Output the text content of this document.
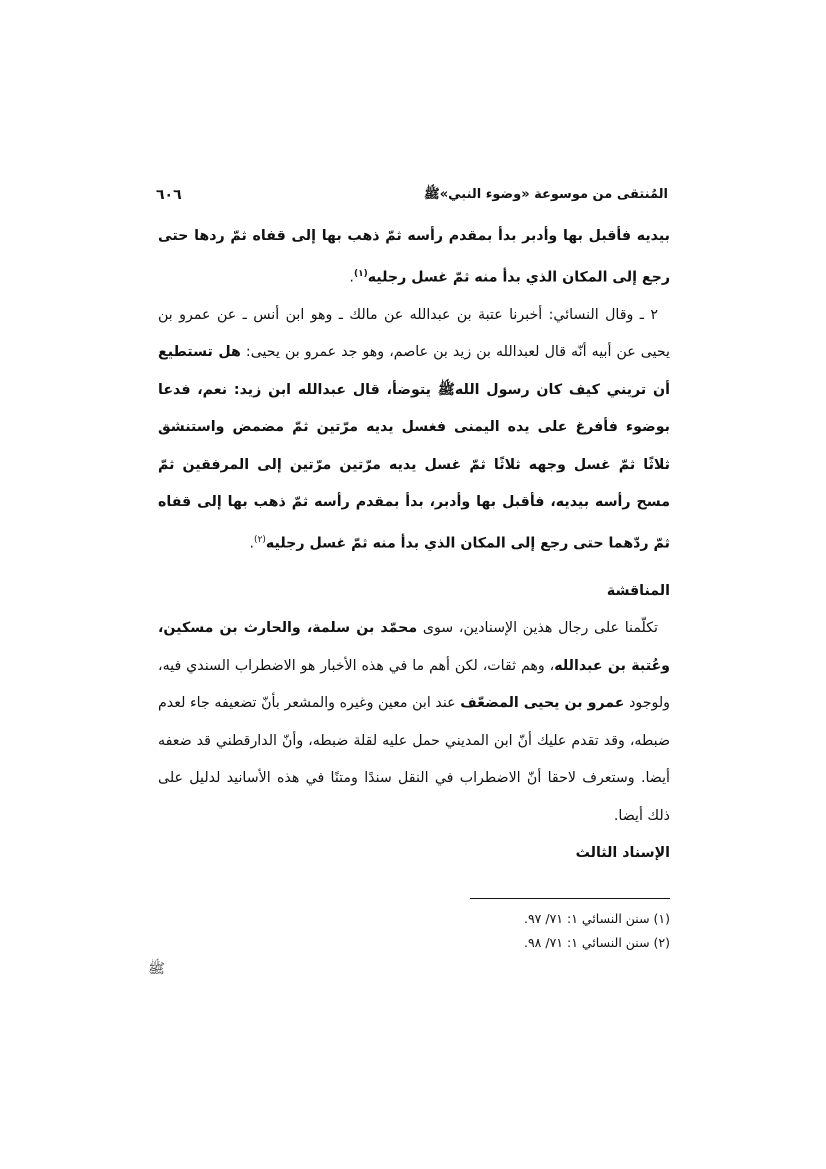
المُنتقى من موسوعة «وضوء النبي»ﷺ
٦٠٦

بيديه فأقبل بها وأدبر بدأ بمقدم رأسه ثمّ ذهب بها إلى قفاه ثمّ ردها حتى رجع إلى المكان الذي بدأ منه ثمّ غسل رجليه$^{(١)}$.

٢ ـ وقال النسائي: أخبرنا عتبة بن عبدالله عن مالك ـ وهو ابن أنس ـ عن عمرو بن يحيى عن أبيه أنّه قال لعبدالله بن زيد بن عاصم، وهو جد عمرو بن يحيى: هل تستطيع أن تريني كيف كان رسول اللهﷺ يتوضأ، قال عبدالله ابن زيد: نعم، فدعا بوضوء فأفرغ على يده اليمنى فغسل يديه مرّتين ثمّ مضمض واستنشق ثلاثًا ثمّ غسل وجهه ثلاثًا ثمّ غسل يديه مرّتين مرّتين إلى المرفقين ثمّ مسح رأسه بيديه، فأقبل بها وأدبر، بدأ بمقدم رأسه ثمّ ذهب بها إلى قفاه ثمّ ردّهما حتى رجع إلى المكان الذي بدأ منه ثمّ غسل رجليه$^{(٢)}$.

المناقشة

تكلّمنا على رجال هذين الإسنادين، سوى محمّد بن سلمة، والحارث بن مسكين، وعُتبة بن عبدالله، وهم ثقات، لكن أهم ما في هذه الأخبار هو الاضطراب السندي فيه، ولوجود عمرو بن يحيى المضعّف عند ابن معين وغيره والمشعر بأنّ تضعيفه جاء لعدم ضبطه، وقد تقدم عليك أنّ ابن المديني حمل عليه لقلة ضبطه، وأنّ الدارقطني قد ضعفه أيضا. وستعرف لاحقا أنّ الاضطراب في النقل سندًا ومتنًا في هذه الأسانيد لدليل على ذلك أيضا.

الإسناد الثالث

(١) سنن النسائي ١: ٧١/ ٩٧.

(٢) سنن النسائي ١: ٧١/ ٩٨.

ﷺ
